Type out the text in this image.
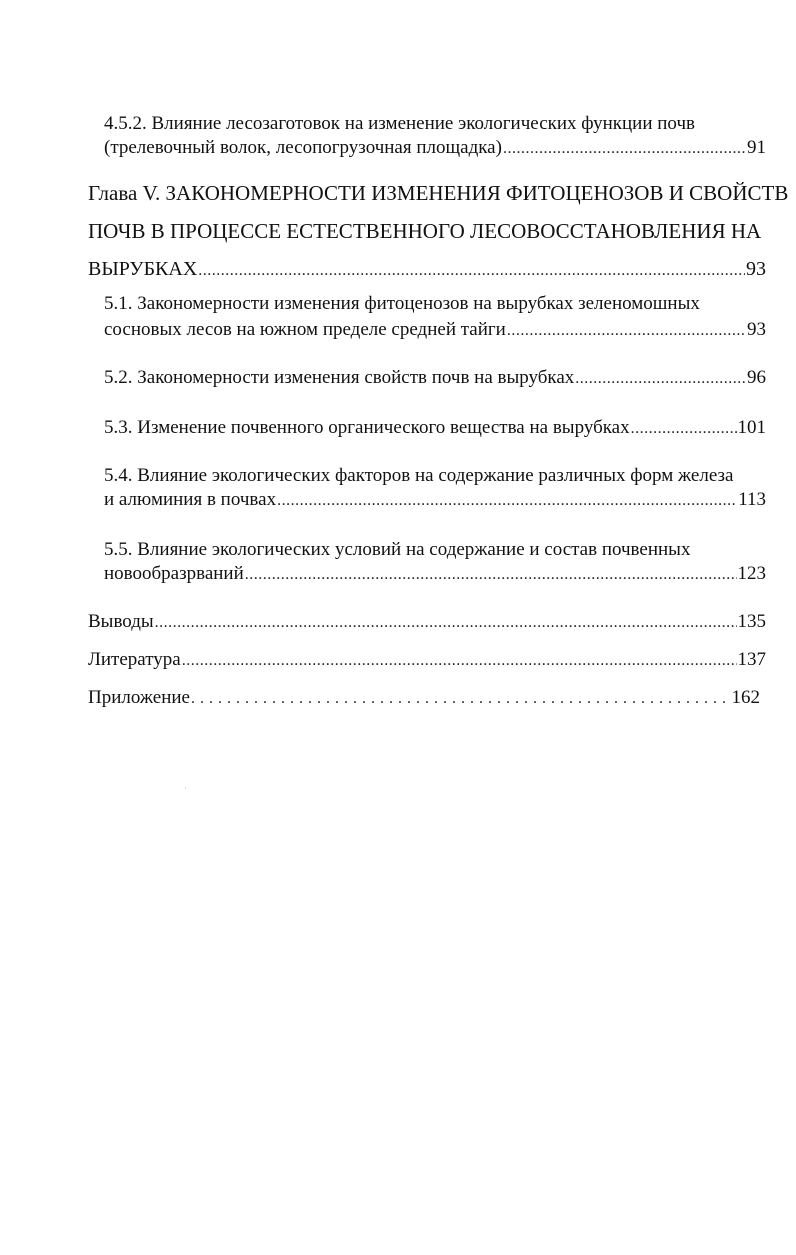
4.5.2. Влияние лесозаготовок на изменение экологических функции почв
(трелевочный волок, лесопогрузочная площадка) .....	91
Глава V. ЗАКОНОМЕРНОСТИ ИЗМЕНЕНИЯ ФИТОЦЕНОЗОВ И СВОЙСТВ
ПОЧВ В ПРОЦЕССЕ ЕСТЕСТВЕННОГО ЛЕСОВОССТАНОВЛЕНИЯ НА
ВЫРУБКАХ .....	93
5.1. Закономерности изменения фитоценозов на вырубках зеленомошных
сосновых лесов на южном пределе средней тайги .....	93
5.2. Закономерности изменения свойств почв на вырубках .....	96
5.3. Изменение почвенного органического вещества на вырубках .....	101
5.4. Влияние экологических факторов на содержание различных форм железа
и алюминия в почвах .....	113
5.5. Влияние экологических условий на содержание и состав почвенных
новообразрваний .....	123
Выводы .....	135
Литература .....	137
Приложение . . .	162
ˈ
